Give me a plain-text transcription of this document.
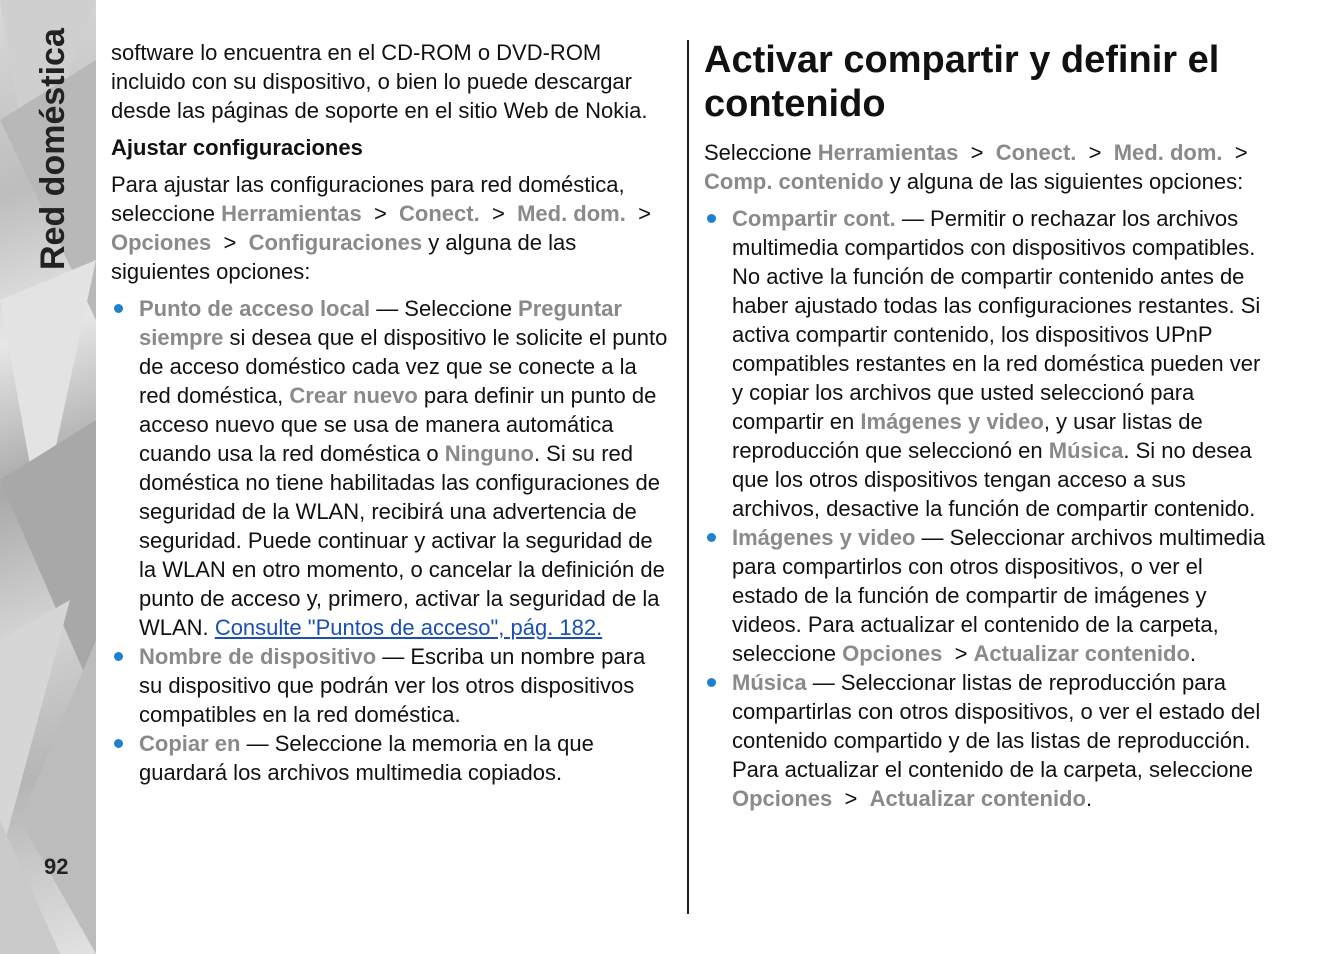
Red doméstica
92

software lo encuentra en el CD-ROM o DVD-ROM incluido con su dispositivo, o bien lo puede descargar desde las páginas de soporte en el sitio Web de Nokia.

Ajustar configuraciones

Para ajustar las configuraciones para red doméstica, seleccione Herramientas > Conect. > Med. dom. > Opciones > Configuraciones y alguna de las siguientes opciones:

Punto de acceso local — Seleccione Preguntar siempre si desea que el dispositivo le solicite el punto de acceso doméstico cada vez que se conecte a la red doméstica, Crear nuevo para definir un punto de acceso nuevo que se usa de manera automática cuando usa la red doméstica o Ninguno. Si su red doméstica no tiene habilitadas las configuraciones de seguridad de la WLAN, recibirá una advertencia de seguridad. Puede continuar y activar la seguridad de la WLAN en otro momento, o cancelar la definición de punto de acceso y, primero, activar la seguridad de la WLAN. Consulte "Puntos de acceso", pág. 182.
Nombre de dispositivo — Escriba un nombre para su dispositivo que podrán ver los otros dispositivos compatibles en la red doméstica.
Copiar en — Seleccione la memoria en la que guardará los archivos multimedia copiados.
Activar compartir y definir el contenido

Seleccione Herramientas > Conect. > Med. dom. > Comp. contenido y alguna de las siguientes opciones:

Compartir cont. — Permitir o rechazar los archivos multimedia compartidos con dispositivos compatibles. No active la función de compartir contenido antes de haber ajustado todas las configuraciones restantes. Si activa compartir contenido, los dispositivos UPnP compatibles restantes en la red doméstica pueden ver y copiar los archivos que usted seleccionó para compartir en Imágenes y video, y usar listas de reproducción que seleccionó en Música. Si no desea que los otros dispositivos tengan acceso a sus archivos, desactive la función de compartir contenido.
Imágenes y video — Seleccionar archivos multimedia para compartirlos con otros dispositivos, o ver el estado de la función de compartir de imágenes y videos. Para actualizar el contenido de la carpeta, seleccione Opciones > Actualizar contenido.
Música — Seleccionar listas de reproducción para compartirlas con otros dispositivos, o ver el estado del contenido compartido y de las listas de reproducción. Para actualizar el contenido de la carpeta, seleccione Opciones > Actualizar contenido.
